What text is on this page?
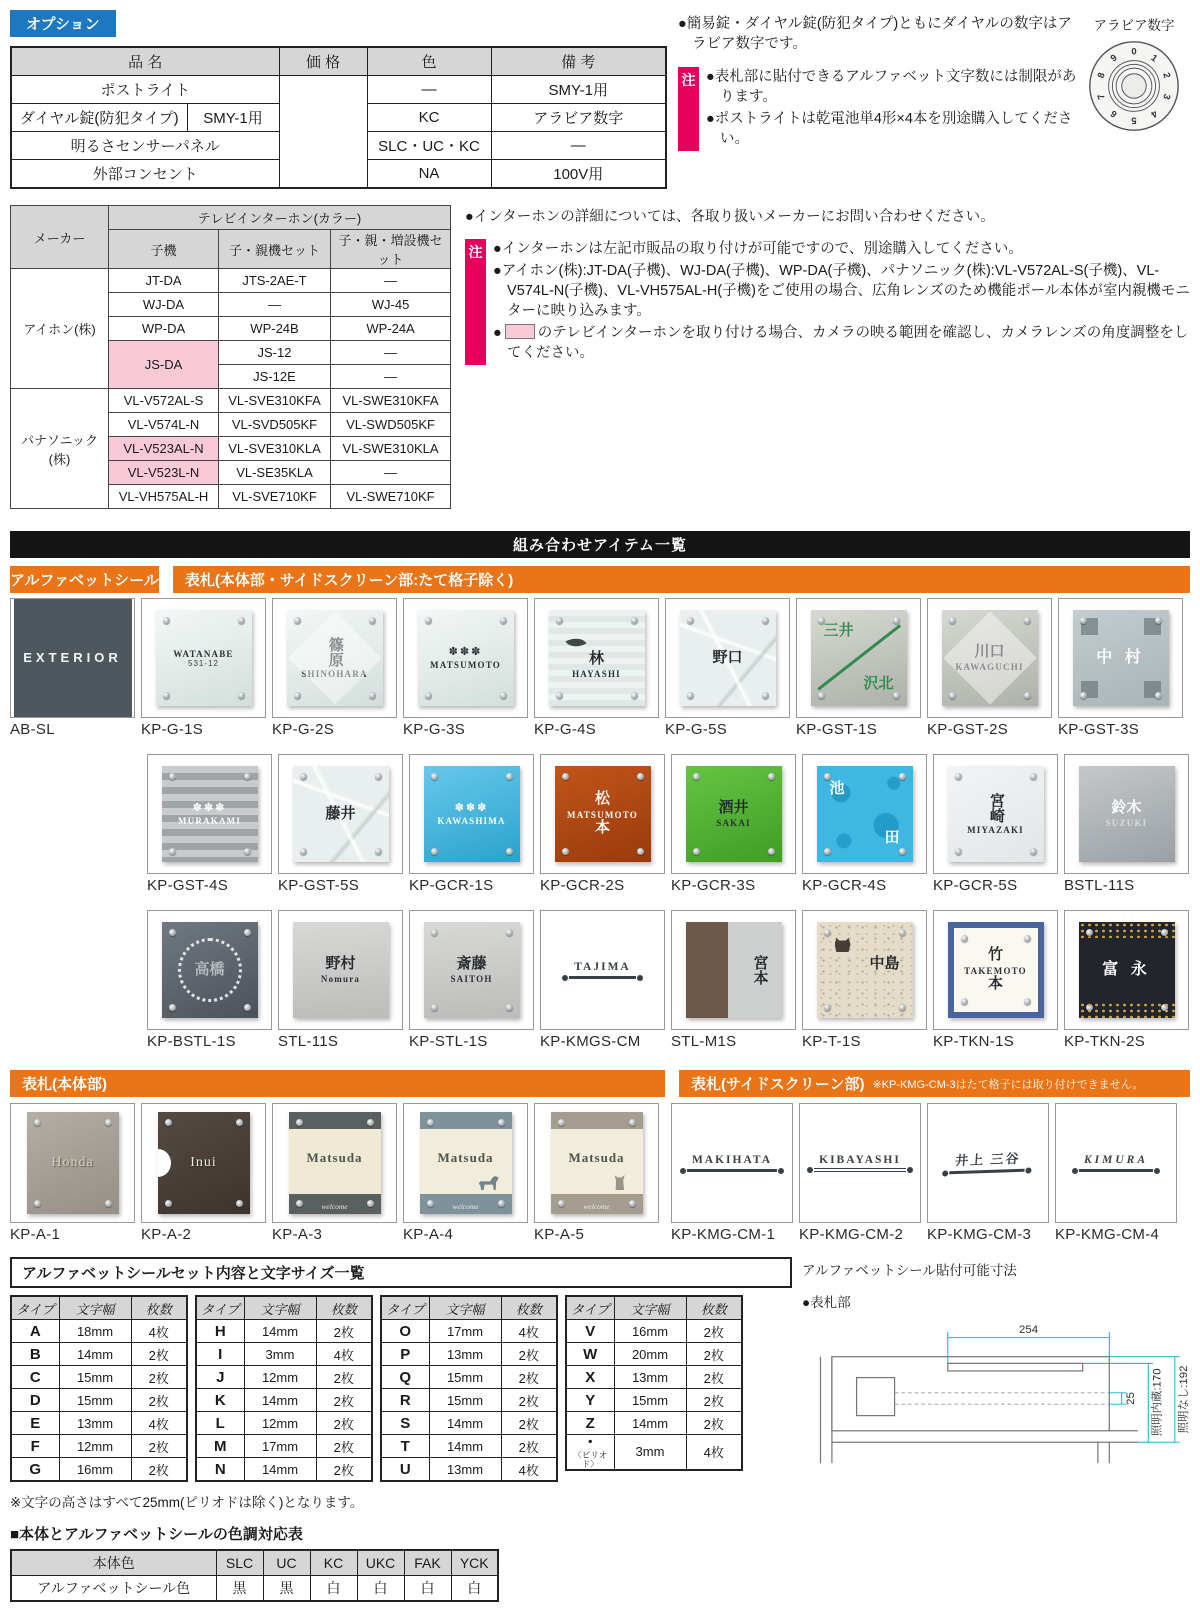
オプション
品 名		価 格	色	備 考
ポストライト			—	SMY-1用
ダイヤル錠(防犯タイプ)	SMY-1用		KC	アラビア数字
明るさセンサーパネル			SLC・UC・KC	—
外部コンセント			NA	100V用

●簡易錠・ダイヤル錠(防犯タイプ)ともにダイヤルの数字はアラビア数字です。

注 ●表札部に貼付できるアルファベット文字数には制限があります。

●ポストライトは乾電池単4形×4本を別途購入してください。

アラビア数字
0
1
2
3
4
5
6
7
8
9
メーカー	テレビインターホン(カラー)		
	子機	子・親機セット	子・親・増設機セット
アイホン(株)	JT-DA	JTS-2AE-T	—
	WJ-DA	—	WJ-45
	WP-DA	WP-24B	WP-24A
	JS-DA	JS-12	—
		JS-12E	—
パナソニック(株)	VL-V572AL-S	VL-SVE310KFA	VL-SWE310KFA
	VL-V574L-N	VL-SVD505KF	VL-SWD505KF
	VL-V523AL-N	VL-SVE310KLA	VL-SWE310KLA
	VL-V523L-N	VL-SE35KLA	—
	VL-VH575AL-H	VL-SVE710KF	VL-SWE710KF

●インターホンの詳細については、各取り扱いメーカーにお問い合わせください。

注 ●インターホンは左記市販品の取り付けが可能ですので、別途購入してください。

●アイホン(株):JT-DA(子機)、WJ-DA(子機)、WP-DA(子機)、パナソニック(株):VL-V572AL-S(子機)、VL-V574L-N(子機)、VL-VH575AL-H(子機)をご使用の場合、広角レンズのため機能ポール本体が室内親機モニターに映り込みます。

● のテレビインターホンを取り付ける場合、カメラの映る範囲を確認し、カメラレンズの角度調整をしてください。

組み合わせアイテム一覧
アルファベットシール	表札(本体部・サイドスクリーン部:たて格子除く)
EXTERIOR
AB-SL
WATANABE
531-12
KP-G-1S
篠原
SHINOHARA
KP-G-2S
✽✽✽
MATSUMOTO
KP-G-3S
林
HAYASHI
KP-G-4S
野口
KP-G-5S
三井
沢北
KP-GST-1S
川口
KAWAGUCHI
KP-GST-2S
中 村
KP-GST-3S
✽✽✽
MURAKAMI
KP-GST-4S
藤井
KP-GST-5S
✽✽✽
KAWASHIMA
KP-GCR-1S
松
MATSUMOTO
本
KP-GCR-2S
酒井
SAKAI
KP-GCR-3S
池
田
KP-GCR-4S
宮崎
MIYAZAKI
KP-GCR-5S
鈴木
SUZUKI
BSTL-11S
高橋
KP-BSTL-1S
野村
Nomura
STL-11S
斎藤
SAITOH
KP-STL-1S
TAJIMA
KP-KMGS-CM
宮本
STL-M1S
中島
KP-T-1S
竹
TAKEMOTO
本
KP-TKN-1S
富 永
KP-TKN-2S
表札(本体部)	表札(サイドスクリーン部) ※KP-KMG-CM-3はたて格子には取り付けできません。
Honda
KP-A-1
Inui
KP-A-2
Matsuda
welcome
KP-A-3
Matsuda
welcome
KP-A-4
Matsuda
welcome
KP-A-5
MAKIHATA
KP-KMG-CM-1
KIBAYASHI
KP-KMG-CM-2
井上 三谷
KP-KMG-CM-3
KIMURA
KP-KMG-CM-4
アルファベットシールセット内容と文字サイズ一覧
タイプ	文字幅	枚数
A	18mm	4枚
B	14mm	2枚
C	15mm	2枚
D	15mm	2枚
E	13mm	4枚
F	12mm	2枚
G	16mm	2枚
タイプ	文字幅	枚数
H	14mm	2枚
I	3mm	4枚
J	12mm	2枚
K	14mm	2枚
L	12mm	2枚
M	17mm	2枚
N	14mm	2枚
タイプ	文字幅	枚数
O	17mm	4枚
P	13mm	2枚
Q	15mm	2枚
R	15mm	2枚
S	14mm	2枚
T	14mm	2枚
U	13mm	4枚
タイプ	文字幅	枚数
V	16mm	2枚
W	20mm	2枚
X	13mm	2枚
Y	15mm	2枚
Z	14mm	2枚

・
〈ピリオド〉	3mm	4枚

※文字の高さはすべて25mm(ピリオドは除く)となります。

アルファベットシール貼付可能寸法
●表札部
254
25 照明内蔵:170 照明なし:192
■本体とアルファベットシールの色調対応表
本体色	SLC	UC	KC	UKC	FAK	YCK
アルファベットシール色	黒	黒	白	白	白	白
